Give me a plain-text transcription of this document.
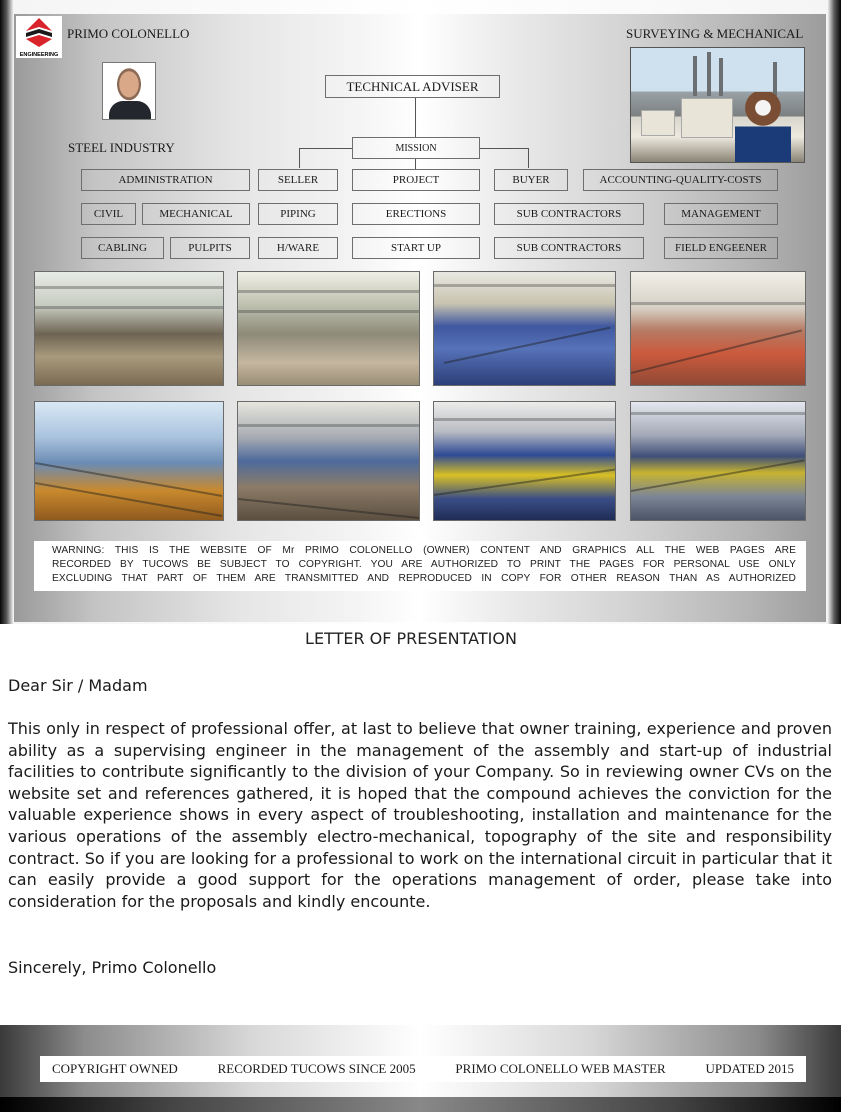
ENGINEERING
PRIMO COLONELLO	SURVEYING & MECHANICAL
STEEL INDUSTRY
TECHNICAL ADVISER
MISSION
ADMINISTRATION	SELLER	PROJECT	BUYER	ACCOUNTING-QUALITY-COSTS
CIVIL	MECHANICAL	PIPING	ERECTIONS	SUB CONTRACTORS	MANAGEMENT
CABLING	PULPITS	H/WARE	START UP	SUB CONTRACTORS	FIELD ENGEENER
WARNING: THIS IS THE WEBSITE OF Mr PRIMO COLONELLO (OWNER) CONTENT AND GRAPHICS ALL THE WEB PAGES ARE
RECORDED BY TUCOWS BE SUBJECT TO COPYRIGHT. YOU ARE AUTHORIZED TO PRINT THE PAGES FOR PERSONAL USE ONLY
EXCLUDING THAT PART OF THEM ARE TRANSMITTED AND REPRODUCED IN COPY FOR OTHER REASON THAN AS AUTHORIZED
LETTER OF PRESENTATION
Dear Sir / Madam
This only in respect of professional offer, at last to believe that owner training, experience and proven ability as a supervising engineer in the management of the assembly and start-up of industrial facilities to contribute significantly to the division of your Company. So in reviewing owner CVs on the website set and references gathered, it is hoped that the compound achieves the conviction for the valuable experience shows in every aspect of troubleshooting, installation and maintenance for the various operations of the assembly electro-mechanical, topography of the site and responsibility contract. So if you are looking for a professional to work on the international circuit in particular that it can easily provide a good support for the operations management of order, please take into consideration for the proposals and kindly encounte.
Sincerely, Primo Colonello
COPYRIGHT OWNED	RECORDED TUCOWS SINCE 2005	PRIMO COLONELLO WEB MASTER	UPDATED 2015
